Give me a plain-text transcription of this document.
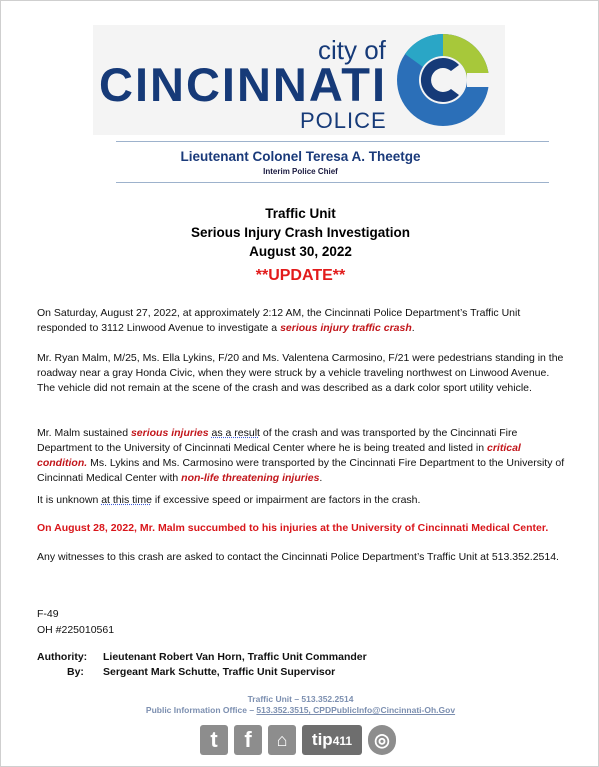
city of
CINCINNATI
POLICE
Lieutenant Colonel Teresa A. Theetge
Interim Police Chief
Traffic Unit
Serious Injury Crash Investigation
August 30, 2022
**UPDATE**
On Saturday, August 27, 2022, at approximately 2:12 AM, the Cincinnati Police Department’s Traffic Unit responded to 3112 Linwood Avenue to investigate a serious injury traffic crash.
Mr. Ryan Malm, M/25, Ms. Ella Lykins, F/20 and Ms. Valentena Carmosino, F/21 were pedestrians standing in the roadway near a gray Honda Civic, when they were struck by a vehicle traveling northwest on Linwood Avenue. The vehicle did not remain at the scene of the crash and was described as a dark color sport utility vehicle.
Mr. Malm sustained serious injuries as a result of the crash and was transported by the Cincinnati Fire Department to the University of Cincinnati Medical Center where he is being treated and listed in critical condition. Ms. Lykins and Ms. Carmosino were transported by the Cincinnati Fire Department to the University of Cincinnati Medical Center with non-life threatening injuries.
It is unknown at this time if excessive speed or impairment are factors in the crash.
On August 28, 2022, Mr. Malm succumbed to his injuries at the University of Cincinnati Medical Center.
Any witnesses to this crash are asked to contact the Cincinnati Police Department’s Traffic Unit at 513.352.2514.
F-49
OH #225010561
Authority: Lieutenant Robert Van Horn, Traffic Unit Commander
By: Sergeant Mark Schutte, Traffic Unit Supervisor
Traffic Unit – 513.352.2514
Public Information Office – 513.352.3515, CPDPublicInfo@Cincinnati-Oh.Gov
t	f	⌂	tip411	◎
